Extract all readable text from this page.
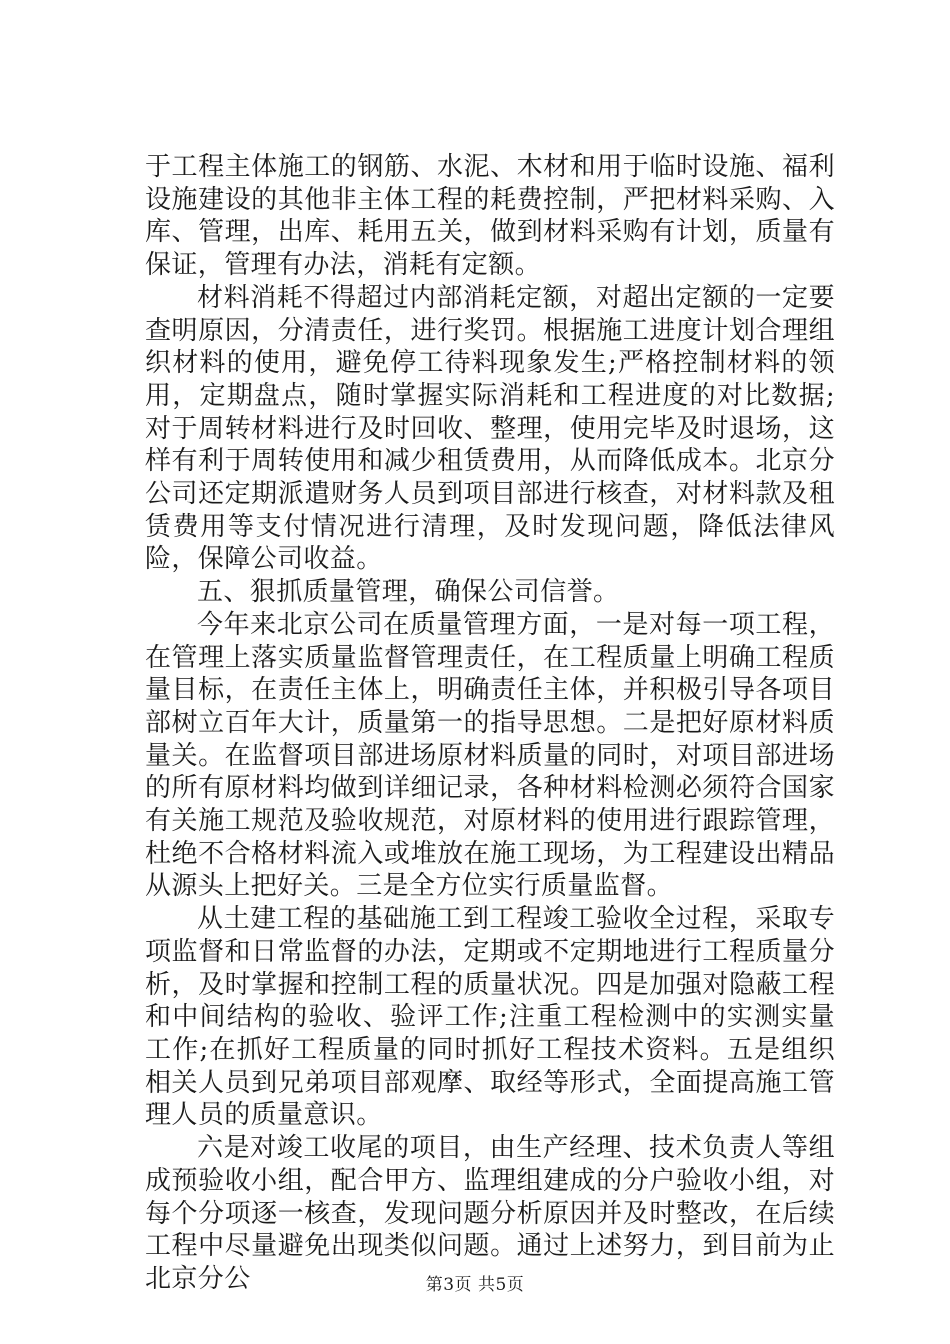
于工程主体施工的钢筋、水泥、木材和用于临时设施、福利设施建设的其他非主体工程的耗费控制，严把材料采购、入库、管理，出库、耗用五关，做到材料采购有计划，质量有保证，管理有办法，消耗有定额。

材料消耗不得超过内部消耗定额，对超出定额的一定要查明原因，分清责任，进行奖罚。根据施工进度计划合理组织材料的使用，避免停工待料现象发生;严格控制材料的领用，定期盘点，随时掌握实际消耗和工程进度的对比数据;对于周转材料进行及时回收、整理，使用完毕及时退场，这样有利于周转使用和减少租赁费用，从而降低成本。北京分公司还定期派遣财务人员到项目部进行核查，对材料款及租赁费用等支付情况进行清理，及时发现问题，降低法律风险，保障公司收益。

五、狠抓质量管理，确保公司信誉。

今年来北京公司在质量管理方面，一是对每一项工程，在管理上落实质量监督管理责任，在工程质量上明确工程质量目标，在责任主体上，明确责任主体，并积极引导各项目部树立百年大计，质量第一的指导思想。二是把好原材料质量关。在监督项目部进场原材料质量的同时，对项目部进场的所有原材料均做到详细记录，各种材料检测必须符合国家有关施工规范及验收规范，对原材料的使用进行跟踪管理，杜绝不合格材料流入或堆放在施工现场，为工程建设出精品从源头上把好关。三是全方位实行质量监督。

从土建工程的基础施工到工程竣工验收全过程，采取专项监督和日常监督的办法，定期或不定期地进行工程质量分析，及时掌握和控制工程的质量状况。四是加强对隐蔽工程和中间结构的验收、验评工作;注重工程检测中的实测实量工作;在抓好工程质量的同时抓好工程技术资料。五是组织相关人员到兄弟项目部观摩、取经等形式，全面提高施工管理人员的质量意识。

六是对竣工收尾的项目，由生产经理、技术负责人等组成预验收小组，配合甲方、监理组建成的分户验收小组，对每个分项逐一核查，发现问题分析原因并及时整改，在后续工程中尽量避免出现类似问题。通过上述努力，到目前为止北京分公	第3页 共5页
